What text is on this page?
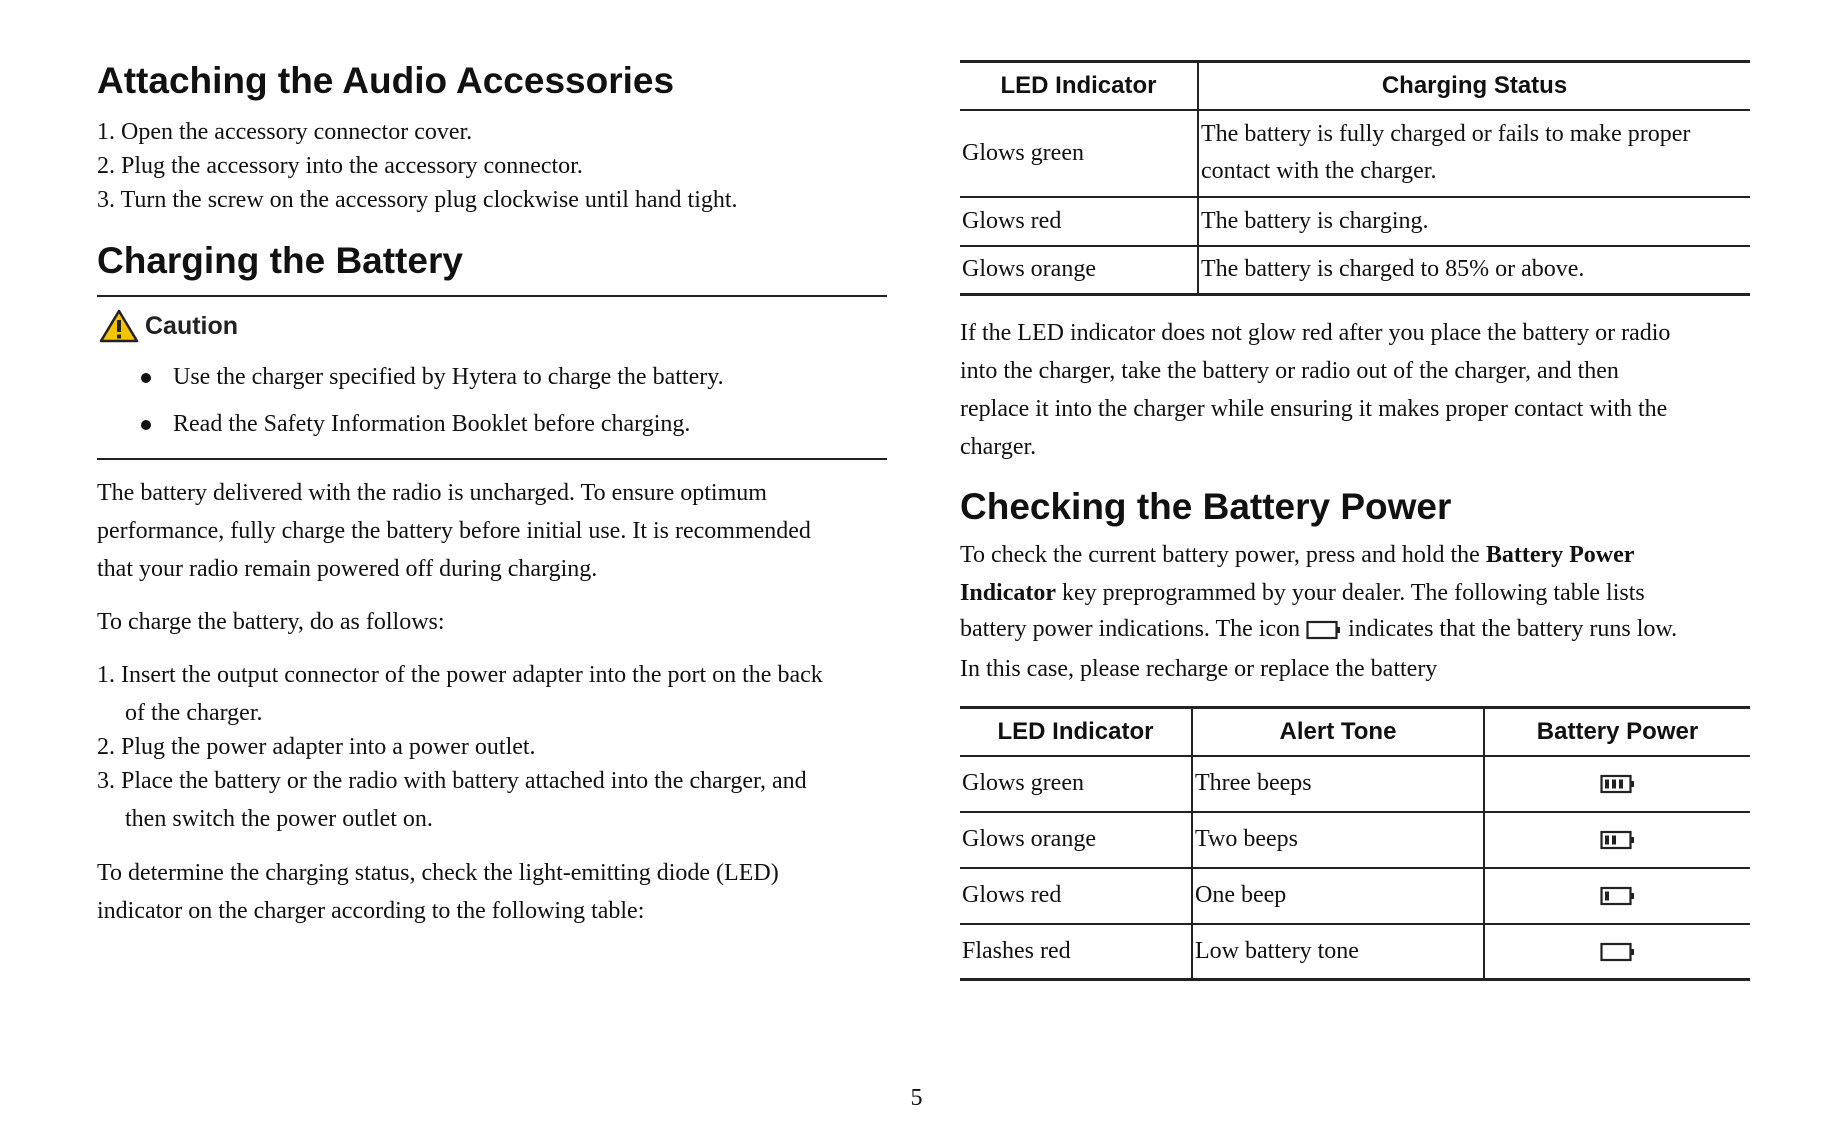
Attaching the Audio Accessories
1. Open the accessory connector cover.
2. Plug the accessory into the accessory connector.
3. Turn the screw on the accessory plug clockwise until hand tight.
Charging the Battery
Caution
Use the charger specified by Hytera to charge the battery.
Read the Safety Information Booklet before charging.
The battery delivered with the radio is uncharged. To ensure optimum
performance, fully charge the battery before initial use. It is recommended
that your radio remain powered off during charging.
To charge the battery, do as follows:
1. Insert the output connector of the power adapter into the port on the back
of the charger.
2. Plug the power adapter into a power outlet.
3. Place the battery or the radio with battery attached into the charger, and
then switch the power outlet on.
To determine the charging status, check the light-emitting diode (LED)
indicator on the charger according to the following table:
LED Indicator	Charging Status
Glows green	The battery is fully charged or fails to make proper
contact with the charger.

Glows red	The battery is charging.
Glows orange	The battery is charged to 85% or above.
If the LED indicator does not glow red after you place the battery or radio
into the charger, take the battery or radio out of the charger, and then
replace it into the charger while ensuring it makes proper contact with the
charger.
Checking the Battery Power
To check the current battery power, press and hold the Battery Power
Indicator key preprogrammed by your dealer. The following table lists
battery power indications. The icon  indicates that the battery runs low.
In this case, please recharge or replace the battery
LED Indicator	Alert Tone	Battery Power
Glows green	Three beeps	
Glows orange	Two beeps	
Glows red	One beep	
Flashes red	Low battery tone	
5
